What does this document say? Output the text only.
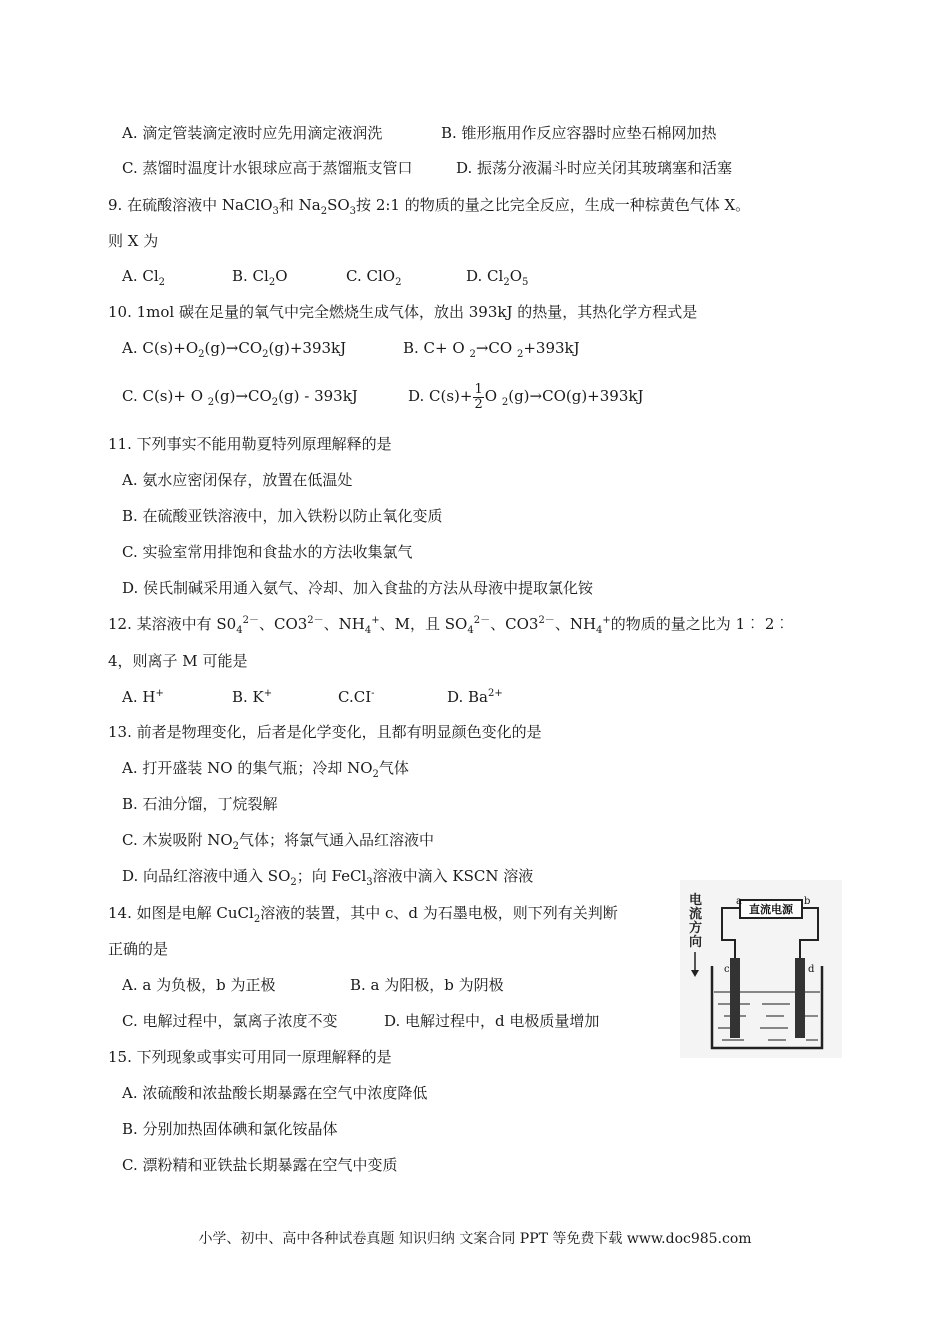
A. 滴定管装滴定液时应先用滴定液润洗	B. 锥形瓶用作反应容器时应垫石棉网加热
C. 蒸馏时温度计水银球应高于蒸馏瓶支管口	D. 振荡分液漏斗时应关闭其玻璃塞和活塞
9. 在硫酸溶液中 NaClO$_3$和 $Na_2SO_3$按 2:1 的物质的量之比完全反应，生成一种棕黄色气体 X。
则 X 为
A. $Cl_2$	B. $Cl_2O$	C. ClO$_2$	D. $Cl_2O_5$
10. 1mol 碳在足量的氧气中完全燃烧生成气体，放出 393kJ 的热量，其热化学方程式是
A. $C(s)+O_2(g)\to CO_2(g)+393kJ$	B. C+ O $_2$→CO $_2$+393kJ
C. C(s)+ O $_2(g)\to CO_2(g) - 393kJ$	D. $C(s)+ \frac{1}{2}$ O $_2$(g)→CO(g)+393kJ
11. 下列事实不能用勒夏特列原理解释的是
A. 氨水应密闭保存，放置在低温处
B. 在硫酸亚铁溶液中，加入铁粉以防止氧化变质
C. 实验室常用排饱和食盐水的方法收集氯气
D. 侯氏制碱采用通入氨气、冷却、加入食盐的方法从母液中提取氯化铵
12. 某溶液中有 $S0_4^{2-}$、$CO3^{2-}$、$NH_4^+$、M，且 $SO_4^{2-}$、$CO3^{2-}$、$NH_4^+$的物质的量之比为 1︰ 2︰
4，则离子 M 可能是
A. H+	B. K+	C.CI-	D. $Ba^{2+}$
13. 前者是物理变化，后者是化学变化，且都有明显颜色变化的是
A. 打开盛装 NO 的集气瓶；冷却 $NO_2$气体
B. 石油分馏，丁烷裂解
C. 木炭吸附 $NO_2$气体；将氯气通入品红溶液中
D. 向品红溶液中通入 $SO_2$；向 FeCl$_3$溶液中滴入 KSCN 溶液
14. 如图是电解 CuCl$_2$溶液的装置，其中 c、d 为石墨电极，则下列有关判断
正确的是
A. a 为负极，b 为正极	B. a 为阳极，b 为阴极
C. 电解过程中，氯离子浓度不变	D. 电解过程中，d 电极质量增加
电流方向
直流电源
a	b
c	d
15. 下列现象或事实可用同一原理解释的是
A. 浓硫酸和浓盐酸长期暴露在空气中浓度降低
B. 分别加热固体碘和氯化铵晶体
C. 漂粉精和亚铁盐长期暴露在空气中变质
小学、初中、高中各种试卷真题 知识归纳 文案合同 PPT 等免费下载 www.doc985.com
